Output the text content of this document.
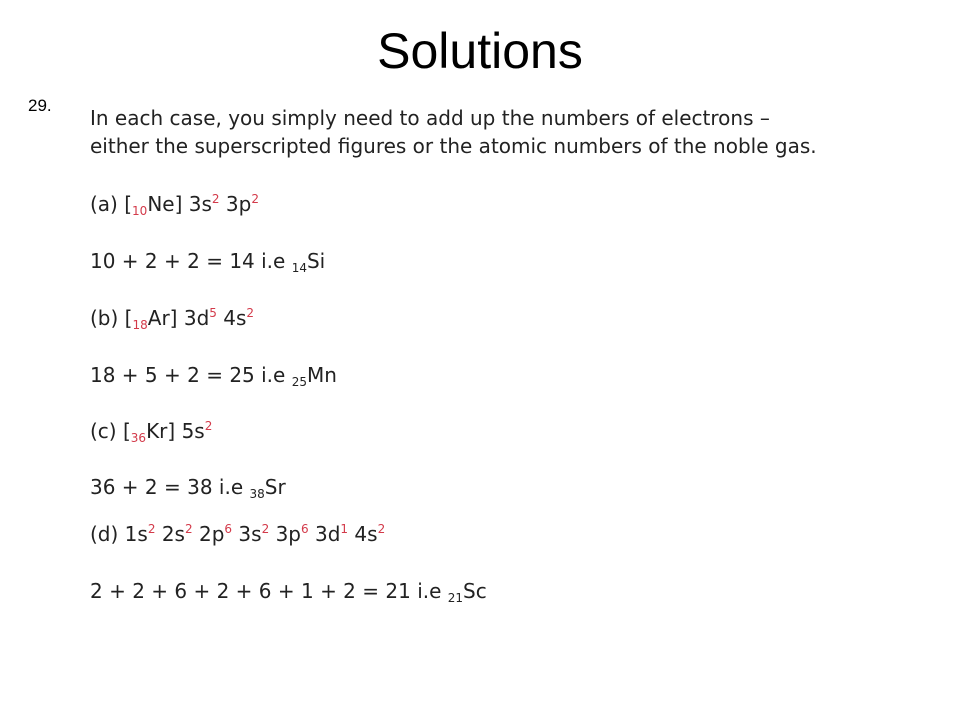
Solutions
29.

In each case, you simply need to add up the numbers of electrons –
either the superscripted figures or the atomic numbers of the noble gas.

(a) $[_{10}Ne]$ $3s^2$ $3p^2$
10 + 2 + 2 = 14 i.e $_{14}$Si
(b) $[_{18}Ar]$ $3d^5$ $4s^2$
18 + 5 + 2 = 25 i.e $_{25}$Mn
(c) $[_{36}Kr]$ $5s^2$
36 + 2 = 38 i.e $_{38}$Sr
(d) $1s^2$ $2s^2$ $2p^6$ $3s^2$ $3p^6$ $3d^1$ $4s^2$
2 + 2 + 6 + 2 + 6 + 1 + 2 = 21 i.e $_{21}$Sc
